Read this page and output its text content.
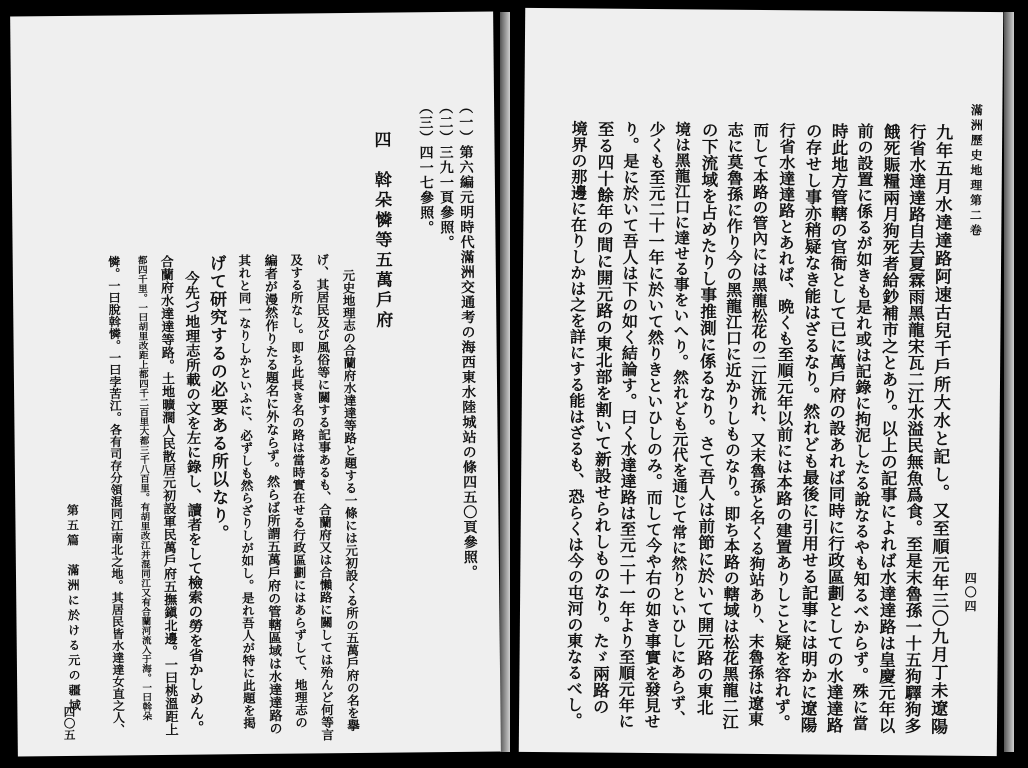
（一）第六編元明時代滿洲交通考の海西東水陸城站の條四五〇頁參照。
（二）三九一頁參照。
（三）四一七參照。
四　斡朵憐等五萬戶府
元史地理志の合蘭府水達達等路と題する一條には元初設くる所の五萬戶府の名を擧
げ、其居民及び風俗等に關する記事あるも、合蘭府又は合懶路に關しては殆んど何等言
及する所なし。即ち此長き名の路は當時實在せる行政區劃にはあらずして、地理志の
編者が漫然作りたる題名に外ならず。然らば所謂五萬戶府の管轄區域は水達達路の
其れと同一なりしかといふに、必ずしも然らざりしが如し。是れ吾人が特に此題を掲
げて研究するの必要ある所以なり。
今先づ地理志所載の文を左に錄し、讀者をして檢索の勞を省かしめん。
合蘭府水達達等路。土地曠濶人民散居元初設軍民萬戶府五撫鎭北邊。一曰桃溫距上
都四千里。一曰胡里改距上都四千二百里大都三千八百里。有胡里改江并混同江又有合蘭河流入于海。一曰斡朵
憐。一曰脫斡憐。一曰孛苦江。各有司存分領混同江南北之地。其居民皆水達達女直之人、
第五篇　滿洲に於ける元の疆域
四〇五
滿洲歷史地理第二卷
九年五月水達達路阿速古兒千戶所大水と記し。又至順元年三〇九月丁未遼陽
行省水達達路自去夏霖雨黑龍宋瓦二江水溢民無魚爲食。至是末魯孫一十五狗驛狗多
餓死賑糧兩月狗死者給鈔補市之とあり。以上の記事によれば水達達路は皇慶元年以
前の設置に係るが如きも是れ或は記錄に拘泥したる說なるやも知るべからず。殊に當
時此地方管轄の官衙として已に萬戶府の設あれば同時に行政區劃としての水達達路
の存せし事亦稍疑なき能はざるなり。然れども最後に引用せる記事には明かに遼陽
行省水達達路とあれば、晩くも至順元年以前には本路の建置ありしこと疑を容れず。
而して本路の管內には黑龍松花の二江流れ、又末魯孫と名くる狗站あり、末魯孫は遼東
志に莫魯孫に作り今の黑龍江口に近かりしものなり。即ち本路の轄域は松花黑龍二江
の下流域を占めたりし事推測に係るなり。さて吾人は前節に於いて開元路の東北
境は黑龍江口に達せる事をいへり。然れども元代を通じて常に然りといひしにあらず、
少くも至元二十一年に於いて然りきといひしのみ。而して今や右の如き事實を發見せ
り。是に於いて吾人は下の如く結論す。曰く水達達路は至元二十一年より至順元年に
至る四十餘年の間に開元路の東北部を割いて新設せられしものなり。たゞ兩路の
境界の那邊に在りしかは之を詳にする能はざるも、恐らくは今の屯河の東なるべし。	四〇四
